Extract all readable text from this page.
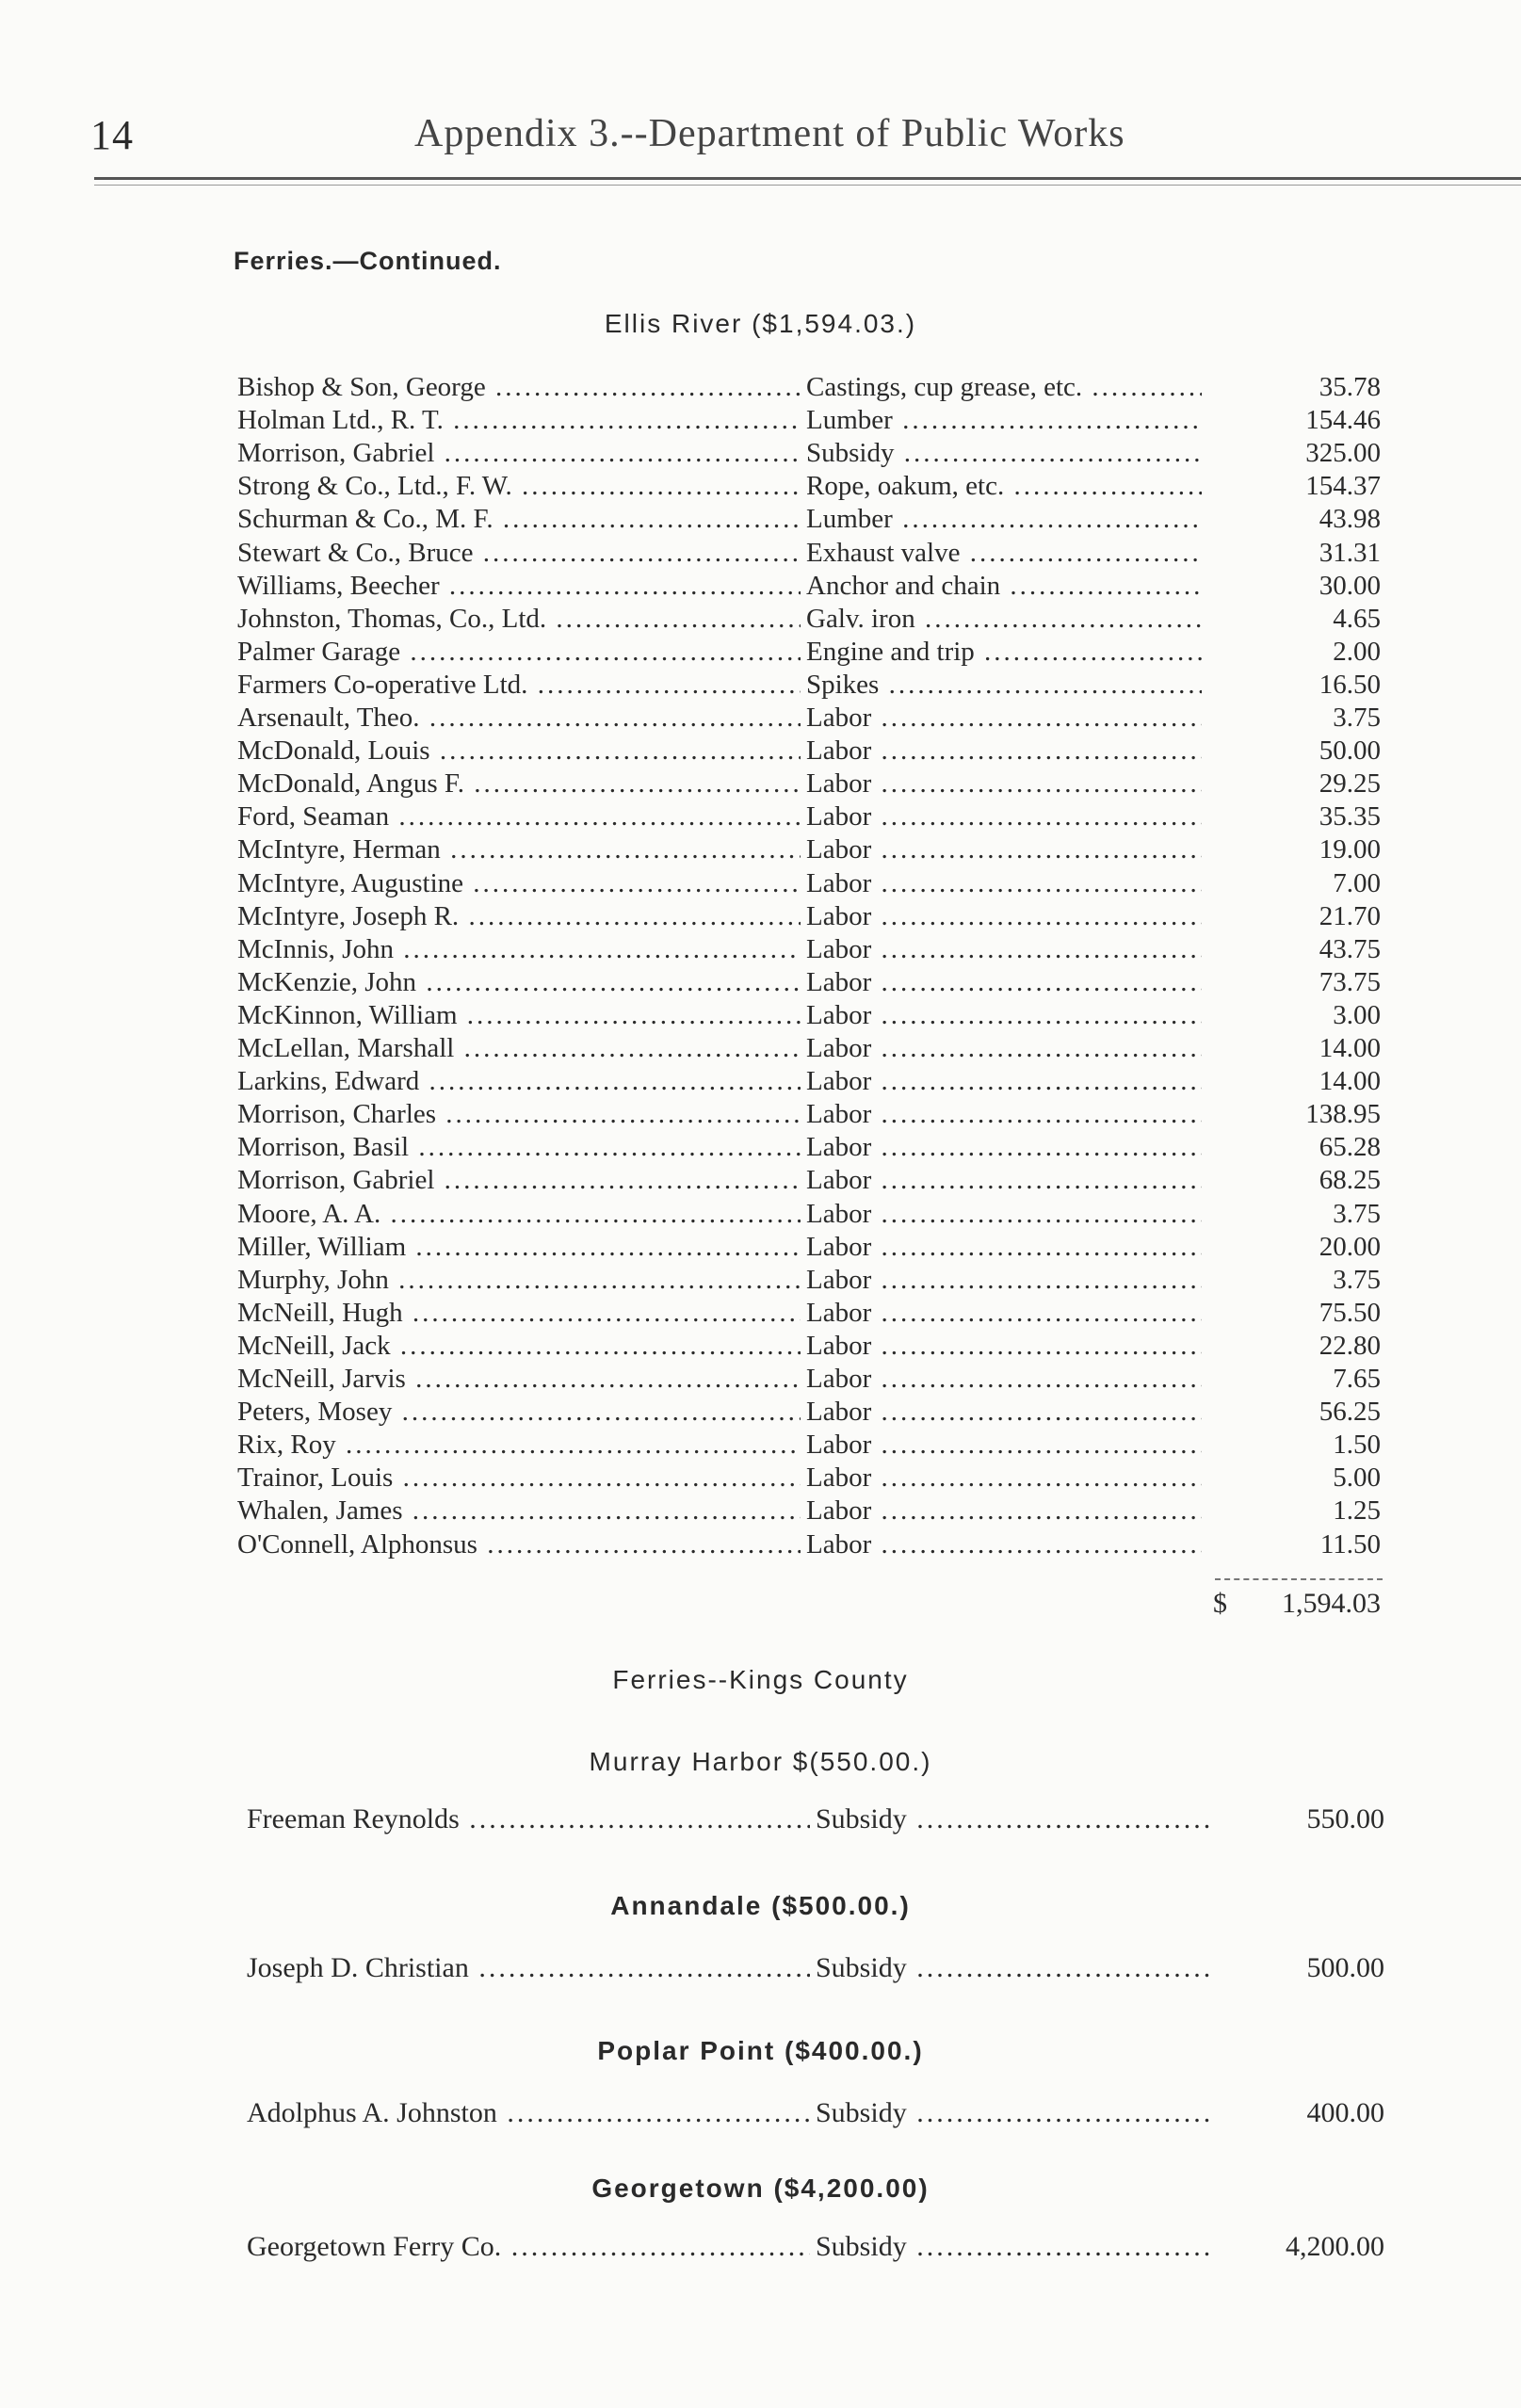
14	Appendix 3.--Department of Public Works
Ferries.—Continued.
Ellis River ($1,594.03.)
Bishop & Son, George .....	Castings, cup grease, etc. .....	35.78
Holman Ltd., R. T. .....	Lumber .....	154.46
Morrison, Gabriel .....	Subsidy .....	325.00
Strong & Co., Ltd., F. W. .....	Rope, oakum, etc. .....	154.37
Schurman & Co., M. F. .....	Lumber .....	43.98
Stewart & Co., Bruce .....	Exhaust valve .....	31.31
Williams, Beecher .....	Anchor and chain .....	30.00
Johnston, Thomas, Co., Ltd. .....	Galv. iron .....	4.65
Palmer Garage .....	Engine and trip .....	2.00
Farmers Co-operative Ltd. .....	Spikes .....	16.50
Arsenault, Theo. .....	Labor .....	3.75
McDonald, Louis .....	Labor .....	50.00
McDonald, Angus F. .....	Labor .....	29.25
Ford, Seaman .....	Labor .....	35.35
McIntyre, Herman .....	Labor .....	19.00
McIntyre, Augustine .....	Labor .....	7.00
McIntyre, Joseph R. .....	Labor .....	21.70
McInnis, John .....	Labor .....	43.75
McKenzie, John .....	Labor .....	73.75
McKinnon, William .....	Labor .....	3.00
McLellan, Marshall .....	Labor .....	14.00
Larkins, Edward .....	Labor .....	14.00
Morrison, Charles .....	Labor .....	138.95
Morrison, Basil .....	Labor .....	65.28
Morrison, Gabriel .....	Labor .....	68.25
Moore, A. A. .....	Labor .....	3.75
Miller, William .....	Labor .....	20.00
Murphy, John .....	Labor .....	3.75
McNeill, Hugh .....	Labor .....	75.50
McNeill, Jack .....	Labor .....	22.80
McNeill, Jarvis .....	Labor .....	7.65
Peters, Mosey .....	Labor .....	56.25
Rix, Roy .....	Labor .....	1.50
Trainor, Louis .....	Labor .....	5.00
Whalen, James .....	Labor .....	1.25
O'Connell, Alphonsus .....	Labor .....	11.50
$ 1,594.03
Ferries--Kings County
Murray Harbor $(550.00.)
Freeman Reynolds .....	Subsidy .....	550.00
Annandale ($500.00.)
Joseph D. Christian .....	Subsidy .....	500.00
Poplar Point ($400.00.)
Adolphus A. Johnston .....	Subsidy .....	400.00
Georgetown ($4,200.00)
Georgetown Ferry Co. .....	Subsidy .....	4,200.00
